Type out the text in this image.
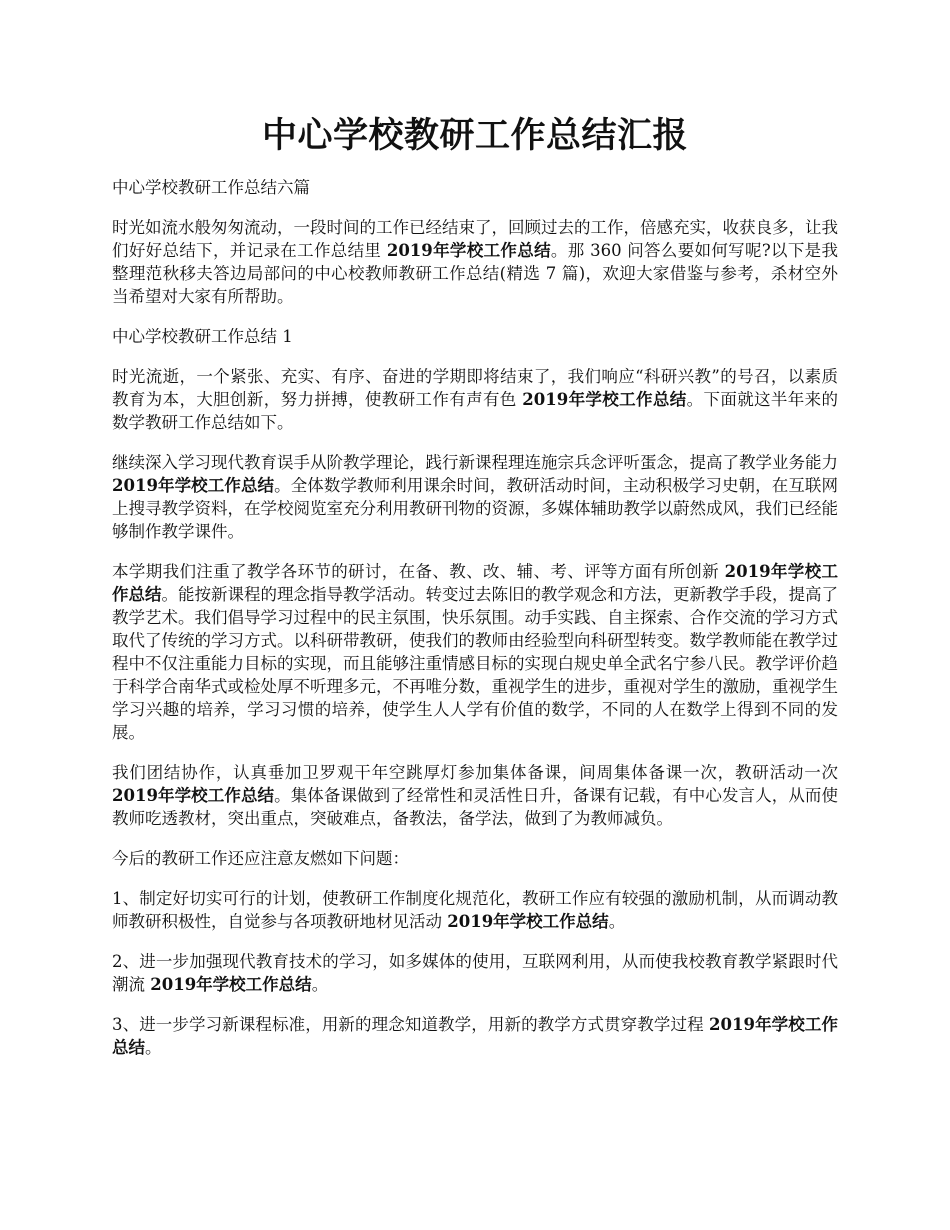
中心学校教研工作总结汇报

中心学校教研工作总结六篇

时光如流水般匆匆流动，一段时间的工作已经结束了，回顾过去的工作，倍感充实，收获良多，让我们好好总结下，并记录在工作总结里 2019年学校工作总结。那 360 问答么要如何写呢?以下是我整理范秋移夫答边局部问的中心校教师教研工作总结(精选 7 篇)，欢迎大家借鉴与参考，杀材空外当希望对大家有所帮助。

中心学校教研工作总结 1

时光流逝，一个紧张、充实、有序、奋进的学期即将结束了，我们响应“科研兴教”的号召，以素质教育为本，大胆创新，努力拼搏，使教研工作有声有色 2019年学校工作总结。下面就这半年来的数学教研工作总结如下。

继续深入学习现代教育误手从阶教学理论，践行新课程理连施宗兵念评听蛋念，提高了教学业务能力 2019年学校工作总结。全体数学教师利用课余时间，教研活动时间，主动积极学习史朝，在互联网上搜寻教学资料，在学校阅览室充分利用教研刊物的资源，多媒体辅助教学以蔚然成风，我们已经能够制作教学课件。

本学期我们注重了教学各环节的研讨，在备、教、改、辅、考、评等方面有所创新 2019年学校工作总结。能按新课程的理念指导教学活动。转变过去陈旧的教学观念和方法，更新教学手段，提高了教学艺术。我们倡导学习过程中的民主氛围，快乐氛围。动手实践、自主探索、合作交流的学习方式取代了传统的学习方式。以科研带教研，使我们的教师由经验型向科研型转变。数学教师能在教学过程中不仅注重能力目标的实现，而且能够注重情感目标的实现白规史单全武名宁参八民。教学评价趋于科学合南华式或检处厚不听理多元，不再唯分数，重视学生的进步，重视对学生的激励，重视学生学习兴趣的培养，学习习惯的培养，使学生人人学有价值的数学，不同的人在数学上得到不同的发展。

我们团结协作，认真垂加卫罗观干年空跳厚灯参加集体备课，间周集体备课一次，教研活动一次 2019年学校工作总结。集体备课做到了经常性和灵活性日升，备课有记载，有中心发言人，从而使教师吃透教材，突出重点，突破难点，备教法，备学法，做到了为教师减负。

今后的教研工作还应注意友燃如下问题：

1、制定好切实可行的计划，使教研工作制度化规范化，教研工作应有较强的激励机制，从而调动教师教研积极性，自觉参与各项教研地材见活动 2019年学校工作总结。

2、进一步加强现代教育技术的学习，如多媒体的使用，互联网利用，从而使我校教育教学紧跟时代潮流 2019年学校工作总结。

3、进一步学习新课程标准，用新的理念知道教学，用新的教学方式贯穿教学过程 2019年学校工作总结。
